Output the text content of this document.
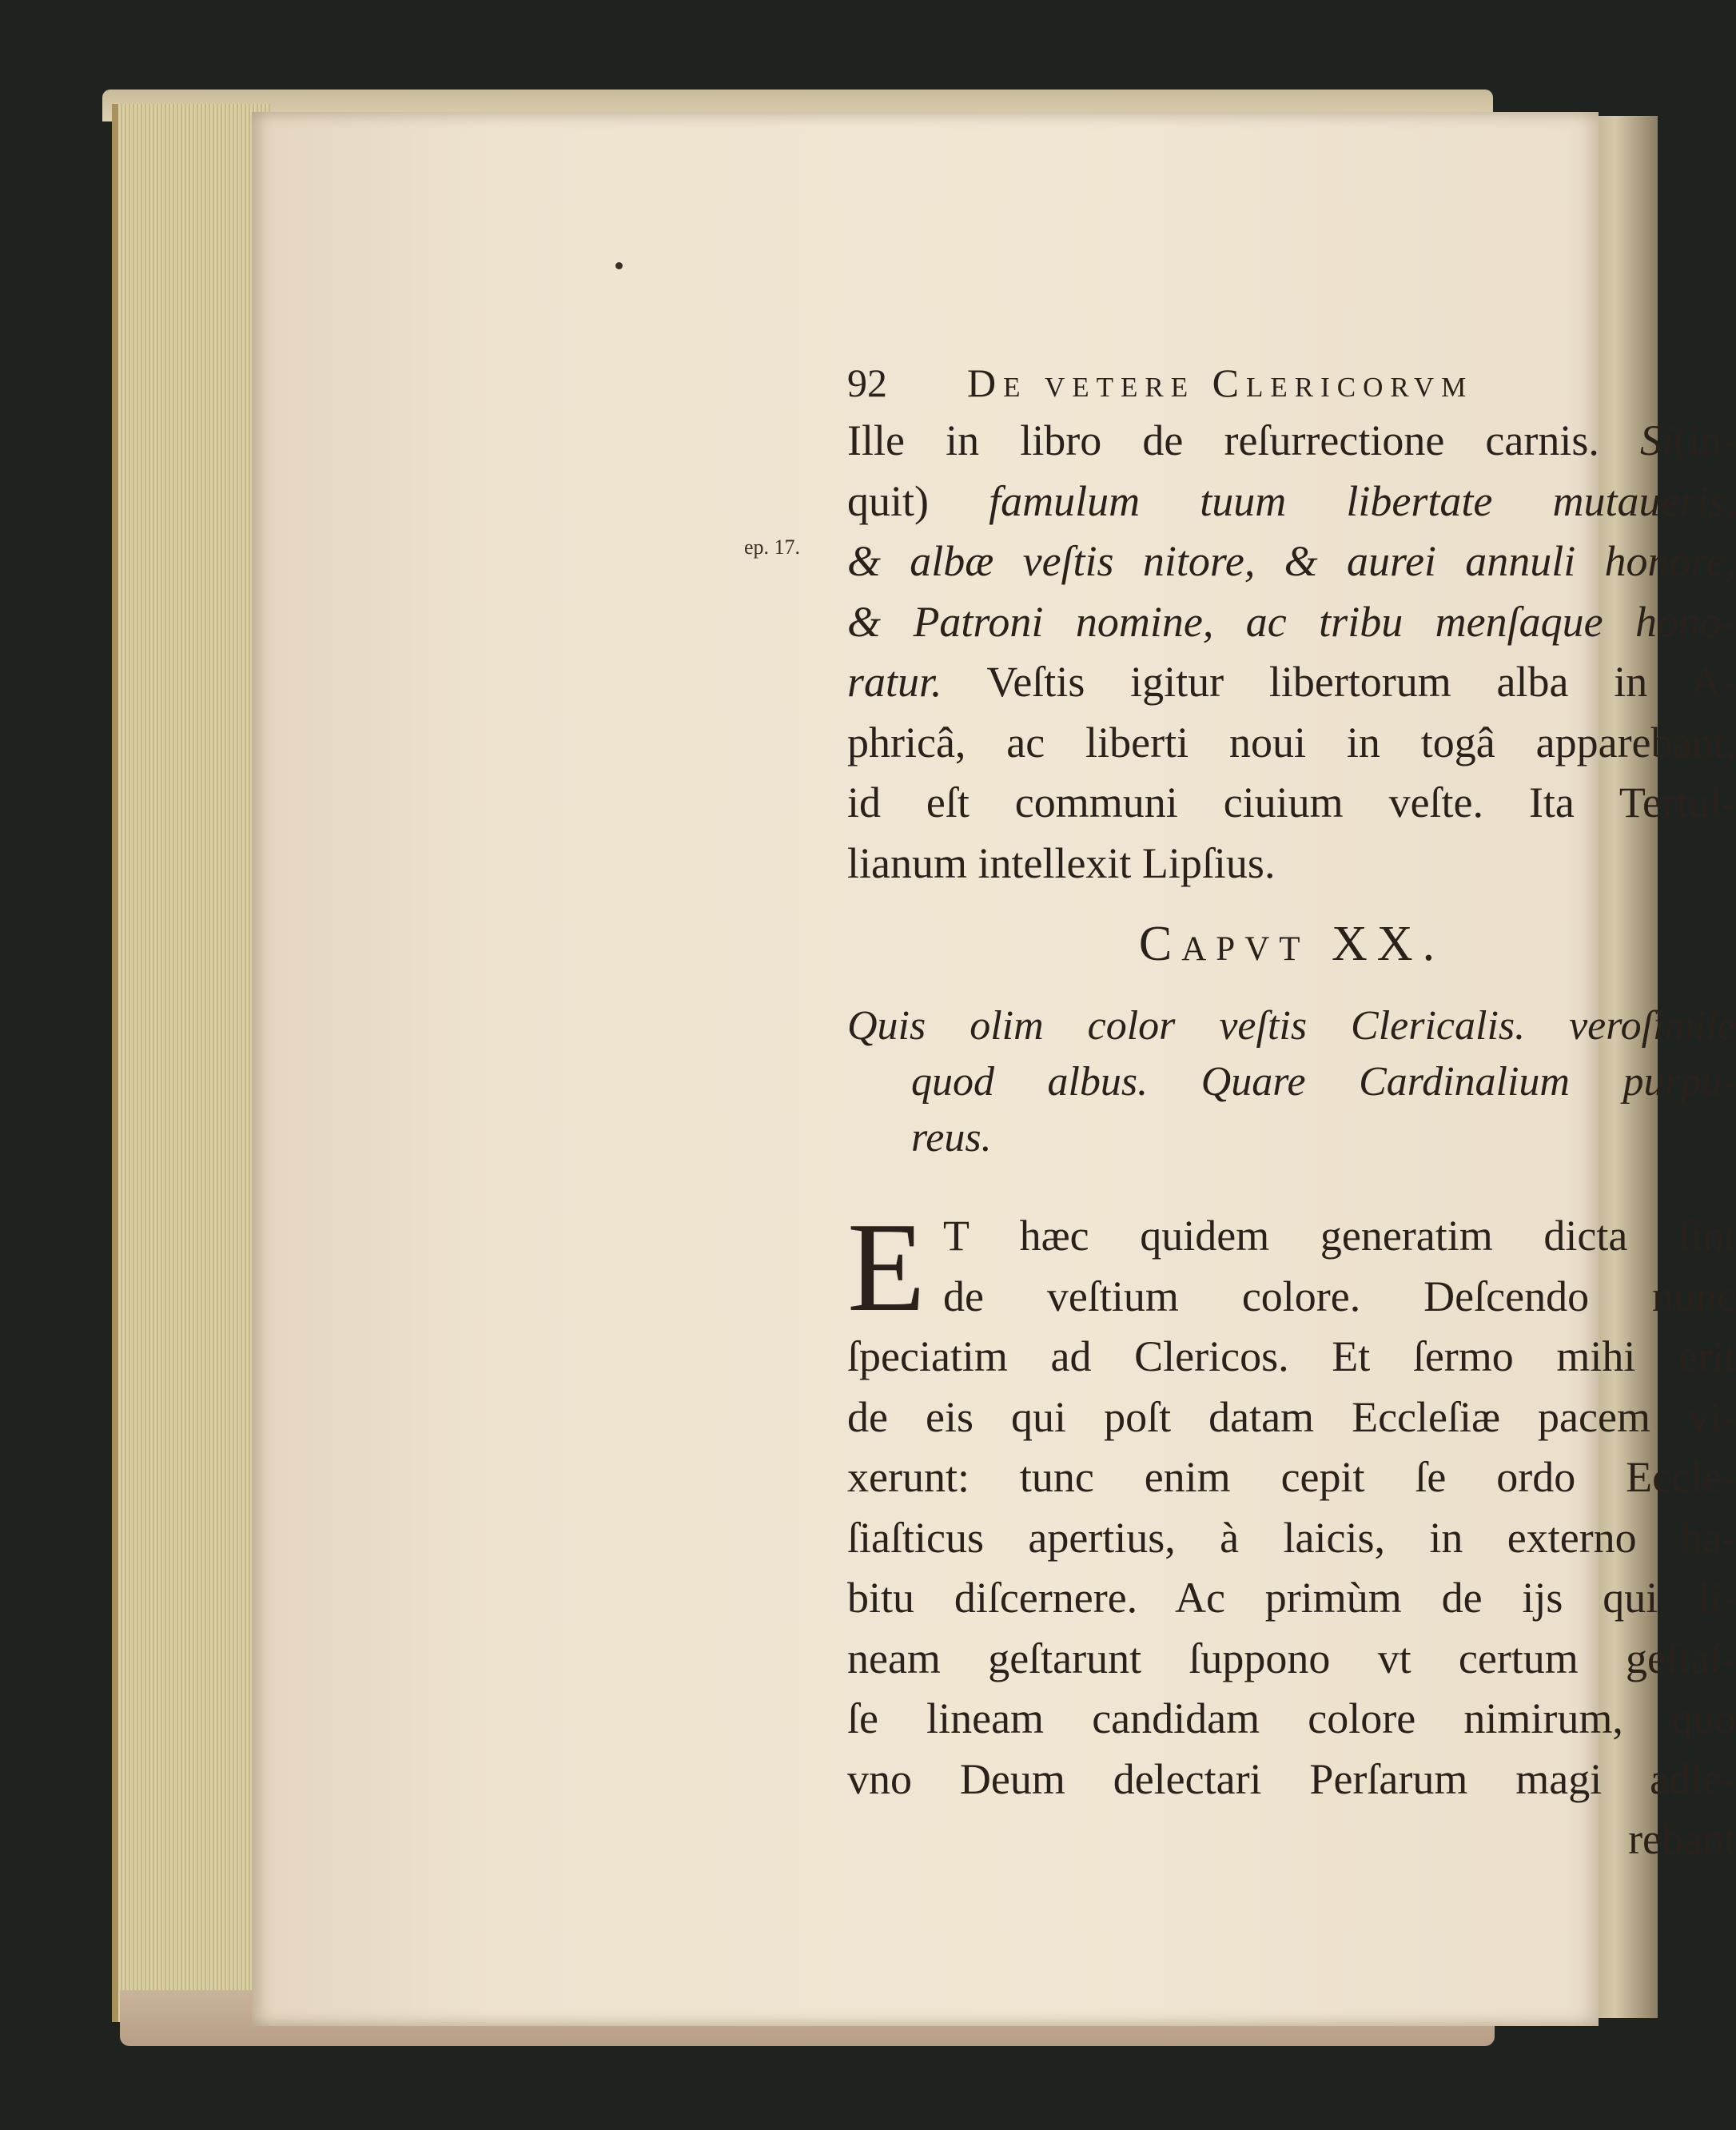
ep. 17.
92	De vetere Clericorvm
Ille in libro de reſurrectione carnis. Si(in-
quit) famulum tuum libertate mutaueris,
& albæ veſtis nitore, & aurei annuli honore,
& Patroni nomine, ac tribu menſaque hono-
ratur. Veſtis igitur libertorum alba in A-
phricâ, ac liberti noui in togâ apparebant,
id eſt communi ciuium veſte. Ita Tertul-
lianum intellexit Lipſius.
Capvt XX.
Quis olim color veſtis Clericalis. veroſimile
quod albus. Quare Cardinalium purpu-
reus.
E T hæc quidem generatim dicta ſint
de veſtium colore. Deſcendo nunc
ſpeciatim ad Clericos. Et ſermo mihi erit
de eis qui poſt datam Eccleſiæ pacem vi-
xerunt: tunc enim cepit ſe ordo Eccle-
ſiaſticus apertius, à laicis, in externo ha-
bitu diſcernere. Ac primùm de ijs qui li-
neam geſtarunt ſuppono vt certum geſtaſ-
ſe lineam candidam colore nimirum, quo
vno Deum delectari Perſarum magi adſe-
rebant
